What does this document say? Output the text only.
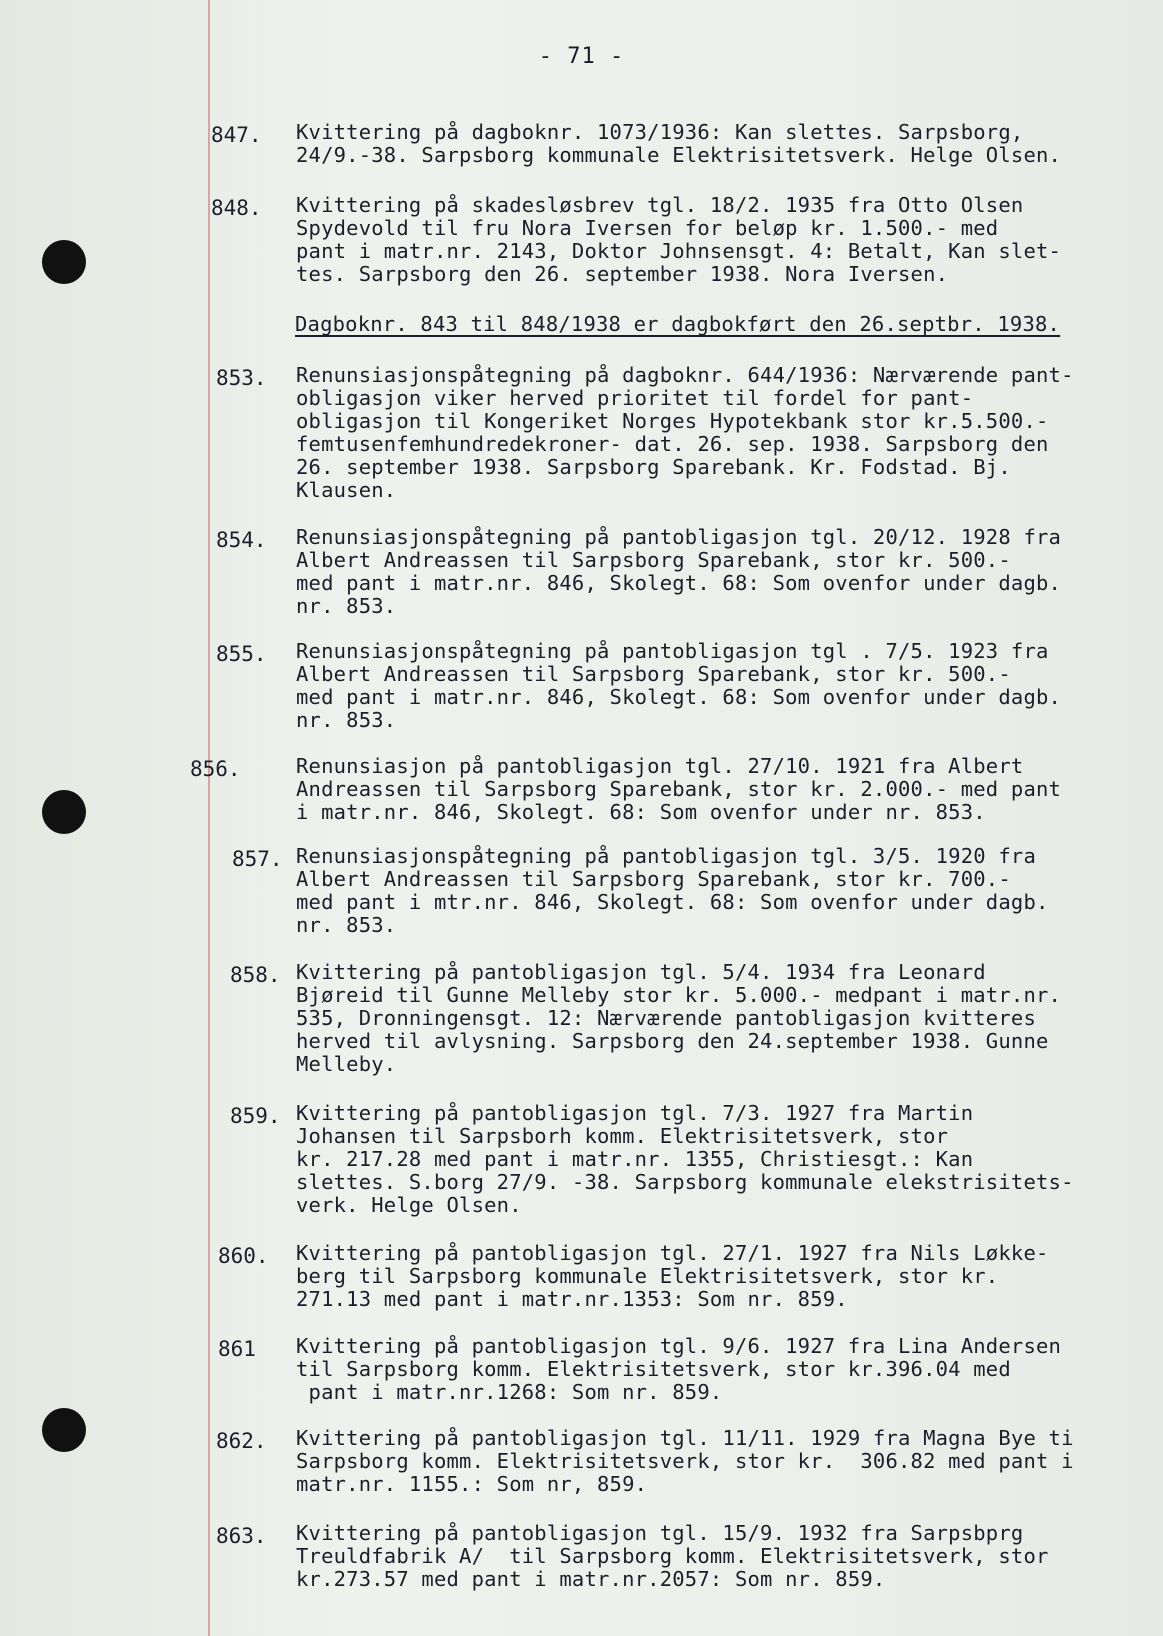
- 71 -
847. Kvittering på dagboknr. 1073/1936: Kan slettes. Sarpsborg,
24/9.-38. Sarpsborg kommunale Elektrisitetsverk. Helge Olsen.
848. Kvittering på skadesløsbrev tgl. 18/2. 1935 fra Otto Olsen
Spydevold til fru Nora Iversen for beløp kr. 1.500.- med
pant i matr.nr. 2143, Doktor Johnsensgt. 4: Betalt, Kan slet-
tes. Sarpsborg den 26. september 1938. Nora Iversen.
Dagboknr. 843 til 848/1938 er dagbokført den 26.septbr. 1938.
853. Renunsiasjonspåtegning på dagboknr. 644/1936: Nærværende pant-
obligasjon viker herved prioritet til fordel for pant-
obligasjon til Kongeriket Norges Hypotekbank stor kr.5.500.-
femtusenfemhundredekroner- dat. 26. sep. 1938. Sarpsborg den
26. september 1938. Sarpsborg Sparebank. Kr. Fodstad. Bj.
Klausen.
854. Renunsiasjonspåtegning på pantobligasjon tgl. 20/12. 1928 fra
Albert Andreassen til Sarpsborg Sparebank, stor kr. 500.-
med pant i matr.nr. 846, Skolegt. 68: Som ovenfor under dagb.
nr. 853.
855. Renunsiasjonspåtegning på pantobligasjon tgl . 7/5. 1923 fra
Albert Andreassen til Sarpsborg Sparebank, stor kr. 500.-
med pant i matr.nr. 846, Skolegt. 68: Som ovenfor under dagb.
nr. 853.
856.	Renunsiasjon på pantobligasjon tgl. 27/10. 1921 fra Albert
Andreassen til Sarpsborg Sparebank, stor kr. 2.000.- med pant
i matr.nr. 846, Skolegt. 68: Som ovenfor under nr. 853.
857. Renunsiasjonspåtegning på pantobligasjon tgl. 3/5. 1920 fra
Albert Andreassen til Sarpsborg Sparebank, stor kr. 700.-
med pant i mtr.nr. 846, Skolegt. 68: Som ovenfor under dagb.
nr. 853.
858. Kvittering på pantobligasjon tgl. 5/4. 1934 fra Leonard
Bjøreid til Gunne Melleby stor kr. 5.000.- medpant i matr.nr.
535, Dronningensgt. 12: Nærværende pantobligasjon kvitteres
herved til avlysning. Sarpsborg den 24.september 1938. Gunne
Melleby.
859. Kvittering på pantobligasjon tgl. 7/3. 1927 fra Martin
Johansen til Sarpsborh komm. Elektrisitetsverk, stor
kr. 217.28 med pant i matr.nr. 1355, Christiesgt.: Kan
slettes. S.borg 27/9. -38. Sarpsborg kommunale elekstrisitets-
verk. Helge Olsen.
860. Kvittering på pantobligasjon tgl. 27/1. 1927 fra Nils Løkke-
berg til Sarpsborg kommunale Elektrisitetsverk, stor kr.
271.13 med pant i matr.nr.1353: Som nr. 859.
861 Kvittering på pantobligasjon tgl. 9/6. 1927 fra Lina Andersen
til Sarpsborg komm. Elektrisitetsverk, stor kr.396.04 med
pant i matr.nr.1268: Som nr. 859.
862. Kvittering på pantobligasjon tgl. 11/11. 1929 fra Magna Bye ti
Sarpsborg komm. Elektrisitetsverk, stor kr.  306.82 med pant i
matr.nr. 1155.: Som nr, 859.
863. Kvittering på pantobligasjon tgl. 15/9. 1932 fra Sarpsbprg
Treuldfabrik A/  til Sarpsborg komm. Elektrisitetsverk, stor
kr.273.57 med pant i matr.nr.2057: Som nr. 859.
